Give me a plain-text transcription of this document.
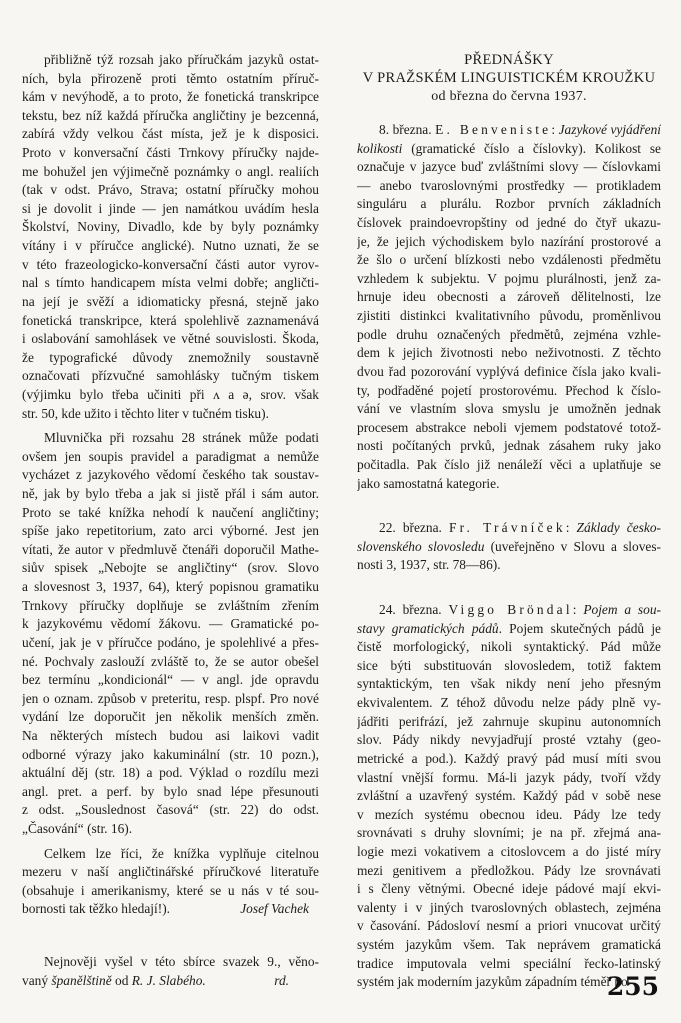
přibližně týž rozsah jako příručkám jazyků ostat-
ních, byla přirozeně proti těmto ostatním příruč-
kám v nevýhodě, a to proto, že fonetická transkripce
tekstu, bez níž každá příručka angličtiny je bezcenná,
zabírá vždy velkou část místa, jež je k disposici.
Proto v konversační části Trnkovy příručky najde-
me bohužel jen výjimečně poznámky o angl. realiích
(tak v odst. Právo, Strava; ostatní příručky mohou
si je dovolit i jinde — jen namátkou uvádím hesla
Školství, Noviny, Divadlo, kde by byly poznámky
vítány i v příručce anglické). Nutno uznati, že se
v této frazeologicko-konversační části autor vyrov-
nal s tímto handicapem místa velmi dobře; angličti-
na její je svěží a idiomaticky přesná, stejně jako
fonetická transkripce, která spolehlivě zaznamenává
i oslabování samohlásek ve větné souvislosti. Škoda,
že typografické důvody znemožnily soustavně
označovati přízvučné samohlásky tučným tiskem
(výjimku bylo třeba učiniti při ʌ a ə, srov. však
str. 50, kde užito i těchto liter v tučném tisku).
Mluvnička při rozsahu 28 stránek může podati
ovšem jen soupis pravidel a paradigmat a nemůže
vycházet z jazykového vědomí českého tak soustav-
ně, jak by bylo třeba a jak si jistě přál i sám autor.
Proto se také knížka nehodí k naučení angličtiny;
spíše jako repetitorium, zato arci výborné. Jest jen
vítati, že autor v předmluvě čtenáři doporučil Mathe-
siův spisek „Nebojte se angličtiny“ (srov. Slovo
a slovesnost 3, 1937, 64), který popisnou gramatiku
Trnkovy příručky doplňuje se zvláštním zřením
k jazykovému vědomí žákovu. — Gramatické po-
učení, jak je v příručce podáno, je spolehlivé a přes-
né. Pochvaly zaslouží zvláště to, že se autor obešel
bez termínu „kondicionál“ — v angl. jde opravdu
jen o oznam. způsob v preteritu, resp. plspf. Pro nové
vydání lze doporučit jen několik menších změn.
Na některých místech budou asi laikovi vadit
odborné výrazy jako kakuminální (str. 10 pozn.),
aktuální děj (str. 18) a pod. Výklad o rozdílu mezi
angl. pret. a perf. by bylo snad lépe přesunouti
z odst. „Souslednost časová“ (str. 22) do odst.
„Časování“ (str. 16).
Celkem lze říci, že knížka vyplňuje citelnou
mezeru v naší angličtinářské příručkové literatuře
(obsahuje i amerikanismy, které se u nás v té sou-
bornosti tak těžko hledají!).	Josef Vachek
Nejnověji vyšel v této sbírce svazek 9., věno-
vaný španělštině od R. J. Slabého.	rd.
PŘEDNÁŠKY
V PRAŽSKÉM LINGUISTICKÉM KROUŽKU
od března do června 1937.
8. března. E. Benveniste: Jazykové vyjádření
kolikosti (gramatické číslo a číslovky). Kolikost se
označuje v jazyce buď zvláštními slovy — číslovkami
— anebo tvaroslovnými prostředky — protikladem
singuláru a plurálu. Rozbor prvních základních
číslovek praindoevropštiny od jedné do čtyř ukazu-
je, že jejich východiskem bylo nazírání prostorové a
že šlo o určení blízkosti nebo vzdálenosti předmětu
vzhledem k subjektu. V pojmu plurálnosti, jenž za-
hrnuje ideu obecnosti a zároveň dělitelnosti, lze
zjistiti distinkci kvalitativního původu, proměnlivou
podle druhu označených předmětů, zejména vzhle-
dem k jejich životnosti nebo neživotnosti. Z těchto
dvou řad pozorování vyplývá definice čísla jako kvali-
ty, podřaděné pojetí prostorovému. Přechod k číslo-
vání ve vlastním slova smyslu je umožněn jednak
procesem abstrakce neboli vjemem podstatové totož-
nosti počítaných prvků, jednak zásahem ruky jako
počitadla. Pak číslo již nenáleží věci a uplatňuje se
jako samostatná kategorie.
22. března. Fr. Trávníček: Základy česko-
slovenského slovosledu (uveřejněno v Slovu a sloves-
nosti 3, 1937, str. 78—86).
24. března. Viggo Bröndal: Pojem a sou-
stavy gramatických pádů. Pojem skutečných pádů je
čistě morfologický, nikoli syntaktický. Pád může
sice býti substituován slovosledem, totiž faktem
syntaktickým, ten však nikdy není jeho přesným
ekvivalentem. Z téhož důvodu nelze pády plně vy-
jádřiti perifrází, jež zahrnuje skupinu autonomních
slov. Pády nikdy nevyjadřují prosté vztahy (geo-
metrické a pod.). Každý pravý pád musí míti svou
vlastní vnější formu. Má-li jazyk pády, tvoří vždy
zvláštní a uzavřený systém. Každý pád v sobě nese
v mezích systému obecnou ideu. Pády lze tedy
srovnávati s druhy slovními; je na př. zřejmá ana-
logie mezi vokativem a citoslovcem a do jisté míry
mezi genitivem a předložkou. Pády lze srovnávati
i s členy větnými. Obecné ideje pádové mají ekvi-
valenty i v jiných tvaroslovných oblastech, zejména
v časování. Pádosloví nesmí a priori vnucovat určitý
systém jazykům všem. Tak neprávem gramatická
tradice imputovala velmi speciální řecko-latinský
systém jak moderním jazykům západním téměř po-
255
